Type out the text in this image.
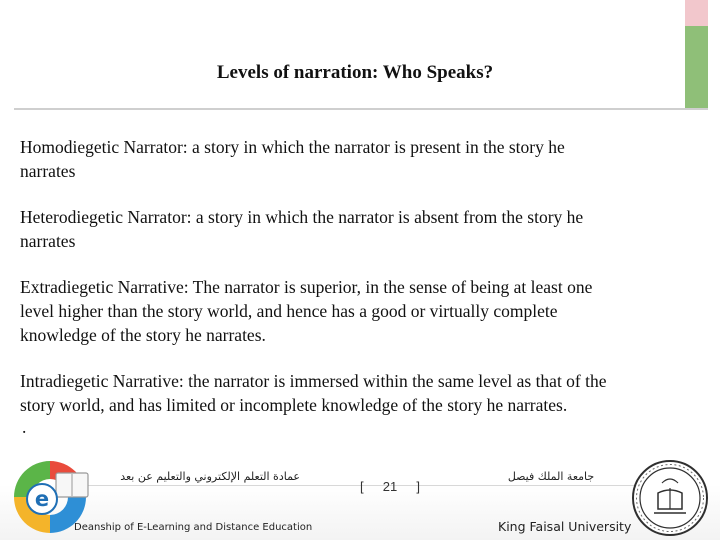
Levels of narration: Who Speaks?

Homodiegetic Narrator: a story in which the narrator is present in the story he
narrates

Heterodiegetic Narrator: a story in which the narrator is absent from the story he
narrates

Extradiegetic Narrative: The narrator is superior, in the sense of being at least one
level higher than the story world, and hence has a good or virtually complete
knowledge of the story he narrates.

Intradiegetic Narrative: the narrator is immersed within the same level as that of the
story world, and has limited or incomplete knowledge of the story he narrates.

.
e
عمادة التعلم الإلكتروني والتعليم عن بعد
Deanship of E-Learning and Distance Education
[ 21 ]
جامعة الملك فيصل
King Faisal University
